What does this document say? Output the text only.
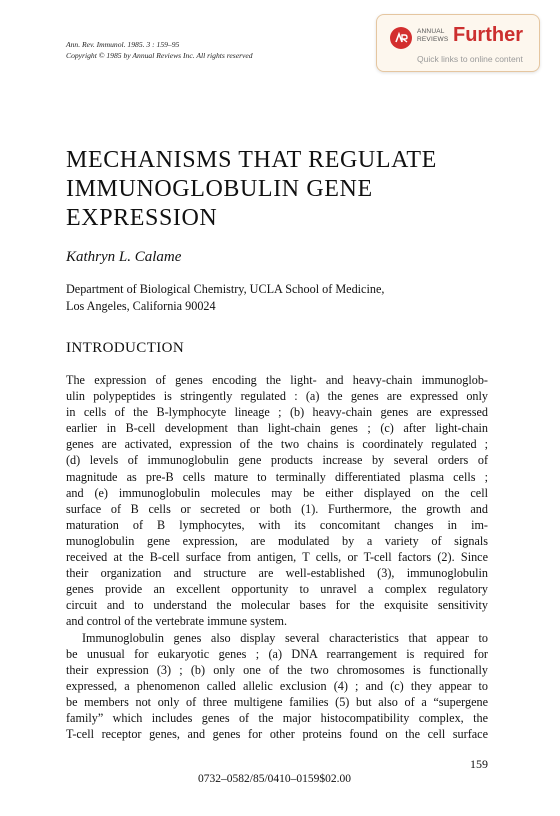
Ann. Rev. Immunol. 1985. 3 : 159–95
Copyright © 1985 by Annual Reviews Inc. All rights reserved
ANNUAL
REVIEWS Further
Quick links to online content
MECHANISMS THAT REGULATE
IMMUNOGLOBULIN GENE
EXPRESSION
Kathryn L. Calame
Department of Biological Chemistry, UCLA School of Medicine,
Los Angeles, California 90024
INTRODUCTION
The expression of genes encoding the light- and heavy-chain immunoglob-
ulin polypeptides is stringently regulated : (a) the genes are expressed only
in cells of the B-lymphocyte lineage ; (b) heavy-chain genes are expressed
earlier in B-cell development than light-chain genes ; (c) after light-chain
genes are activated, expression of the two chains is coordinately regulated ;
(d) levels of immunoglobulin gene products increase by several orders of
magnitude as pre-B cells mature to terminally differentiated plasma cells ;
and (e) immunoglobulin molecules may be either displayed on the cell
surface of B cells or secreted or both (1). Furthermore, the growth and
maturation of B lymphocytes, with its concomitant changes in im-
munoglobulin gene expression, are modulated by a variety of signals
received at the B-cell surface from antigen, T cells, or T-cell factors (2). Since
their organization and structure are well-established (3), immunoglobulin
genes provide an excellent opportunity to unravel a complex regulatory
circuit and to understand the molecular bases for the exquisite sensitivity
and control of the vertebrate immune system.
Immunoglobulin genes also display several characteristics that appear to
be unusual for eukaryotic genes ; (a) DNA rearrangement is required for
their expression (3) ; (b) only one of the two chromosomes is functionally
expressed, a phenomenon called allelic exclusion (4) ; and (c) they appear to
be members not only of three multigene families (5) but also of a “supergene
family” which includes genes of the major histocompatibility complex, the
T-cell receptor genes, and genes for other proteins found on the cell surface
159
0732–0582/85/0410–0159$02.00
